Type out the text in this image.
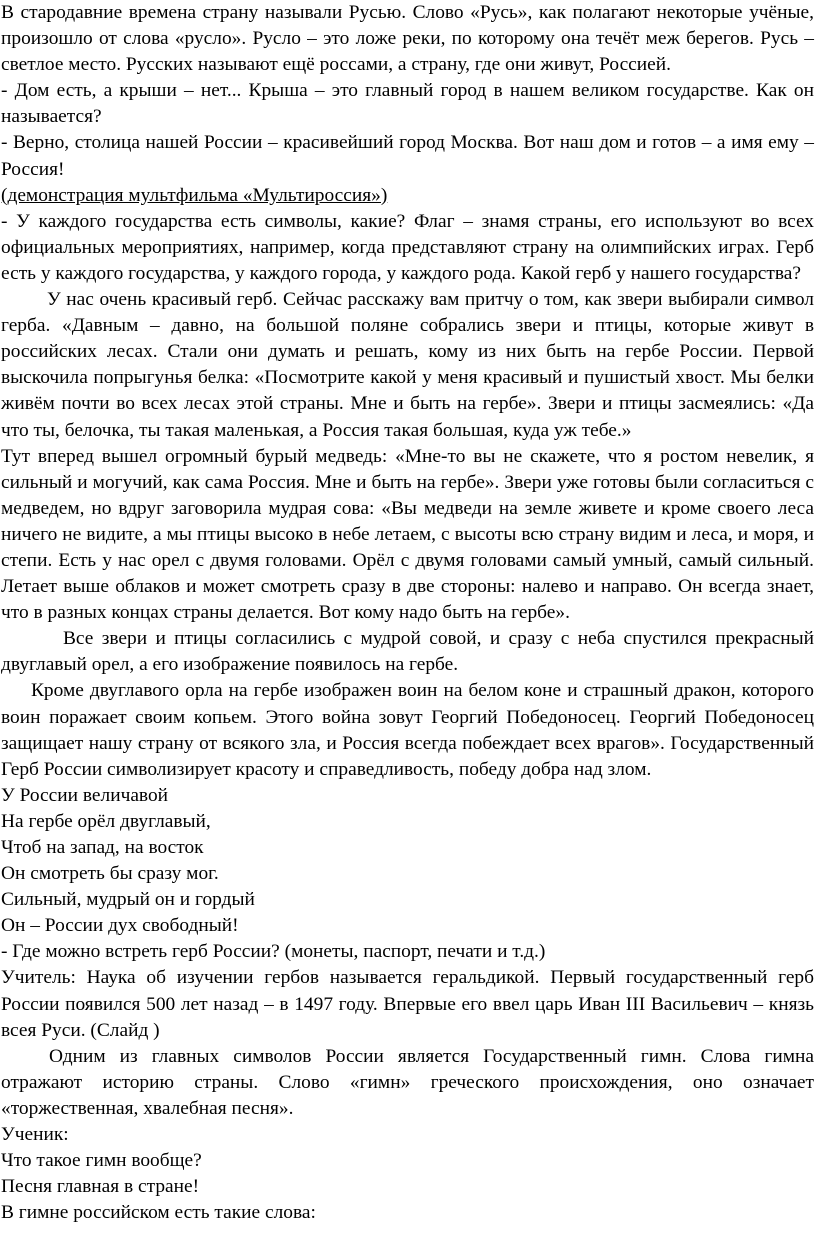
В стародавние времена страну называли Русью. Слово «Русь», как полагают некоторые учёные, произошло от слова «русло». Русло – это ложе реки, по которому она течёт меж берегов. Русь – светлое место. Русских называют ещё россами, а страну, где они живут, Россией.

- Дом есть, а крыши – нет... Крыша – это главный город в нашем великом государстве. Как он называется?

- Верно, столица нашей России – красивейший город Москва. Вот наш дом и готов – а имя ему – Россия!

(демонстрация мультфильма «Мультироссия»)

- У каждого государства есть символы, какие? Флаг – знамя страны, его используют во всех официальных мероприятиях, например, когда представляют страну на олимпийских играх. Герб есть у каждого государства, у каждого города, у каждого рода. Какой герб у нашего государства?

У нас очень красивый герб. Сейчас расскажу вам притчу о том, как звери выбирали символ герба. «Давным – давно, на большой поляне собрались звери и птицы, которые живут в российских лесах. Стали они думать и решать, кому из них быть на гербе России. Первой выскочила попрыгунья белка: «Посмотрите какой у меня красивый и пушистый хвост. Мы белки живём почти во всех лесах этой страны. Мне и быть на гербе». Звери и птицы засмеялись: «Да что ты, белочка, ты такая маленькая, а Россия такая большая, куда уж тебе.»

Тут вперед вышел огромный бурый медведь: «Мне-то вы не скажете, что я ростом невелик, я сильный и могучий, как сама Россия. Мне и быть на гербе». Звери уже готовы были согласиться с медведем, но вдруг заговорила мудрая сова: «Вы медведи на земле живете и кроме своего леса ничего не видите, а мы птицы высоко в небе летаем, с высоты всю страну видим и леса, и моря, и степи. Есть у нас орел с двумя головами. Орёл с двумя головами самый умный, самый сильный. Летает выше облаков и может смотреть сразу в две стороны: налево и направо. Он всегда знает, что в разных концах страны делается. Вот кому надо быть на гербе».

Все звери и птицы согласились с мудрой совой, и сразу с неба спустился прекрасный двуглавый орел, а его изображение появилось на гербе.

Кроме двуглавого орла на гербе изображен воин на белом коне и страшный дракон, которого воин поражает своим копьем. Этого война зовут Георгий Победоносец. Георгий Победоносец защищает нашу страну от всякого зла, и Россия всегда побеждает всех врагов». Государственный Герб России символизирует красоту и справедливость, победу добра над злом.

У России величавой

На гербе орёл двуглавый,

Чтоб на запад, на восток

Он смотреть бы сразу мог.

Сильный, мудрый он и гордый

Он – России дух свободный!

- Где можно встреть герб России? (монеты, паспорт, печати и т.д.)

Учитель: Наука об изучении гербов называется геральдикой. Первый государственный герб России появился 500 лет назад – в 1497 году. Впервые его ввел царь Иван III Васильевич – князь всея Руси. (Слайд )

Одним из главных символов России является Государственный гимн. Слова гимна отражают историю страны. Слово «гимн» греческого происхождения, оно означает «торжественная, хвалебная песня».

Ученик:

Что такое гимн вообще?

Песня главная в стране!

В гимне российском есть такие слова:
